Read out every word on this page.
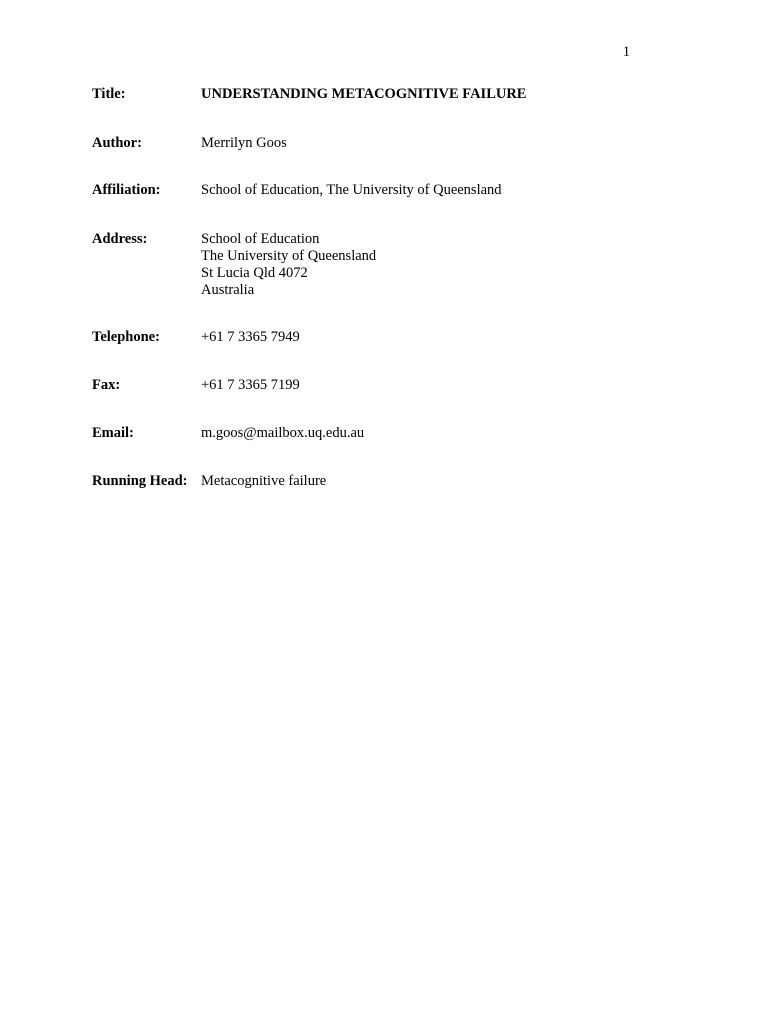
1
Title:	UNDERSTANDING METACOGNITIVE FAILURE
Author:	Merrilyn Goos
Affiliation:	School of Education, The University of Queensland
Address:	School of Education
The University of Queensland
St Lucia Qld 4072
Australia
Telephone:	+61 7 3365 7949
Fax:	+61 7 3365 7199
Email:	m.goos@mailbox.uq.edu.au
Running Head: Metacognitive failure
